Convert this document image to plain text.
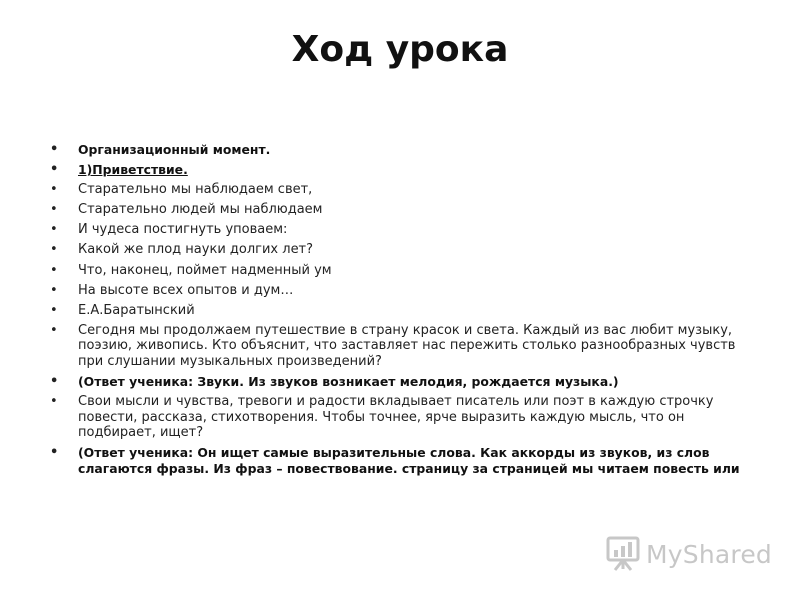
Ход урока
• Организационный момент.
• 1)Приветствие.
• Старательно мы наблюдаем свет,
• Старательно людей мы наблюдаем
• И чудеса постигнуть уповаем:
• Какой же плод науки долгих лет?
• Что, наконец, поймет надменный ум
• На высоте всех опытов и дум…
• Е.А.Баратынский
• Сегодня мы продолжаем путешествие в страну красок и света. Каждый из вас любит музыку, поэзию, живопись. Кто объяснит, что заставляет нас пережить столько разнообразных чувств при слушании музыкальных произведений?
• (Ответ ученика: Звуки. Из звуков возникает мелодия, рождается музыка.)
• Свои мысли и чувства, тревоги и радости вкладывает писатель или поэт в каждую строчку повести, рассказа, стихотворения. Чтобы точнее, ярче выразить каждую мысль, что он подбирает, ищет?
• (Ответ ученика: Он ищет самые выразительные слова. Как аккорды из звуков, из слов слагаются фразы. Из фраз – повествование. страницу за страницей мы читаем повесть или
MyShared
